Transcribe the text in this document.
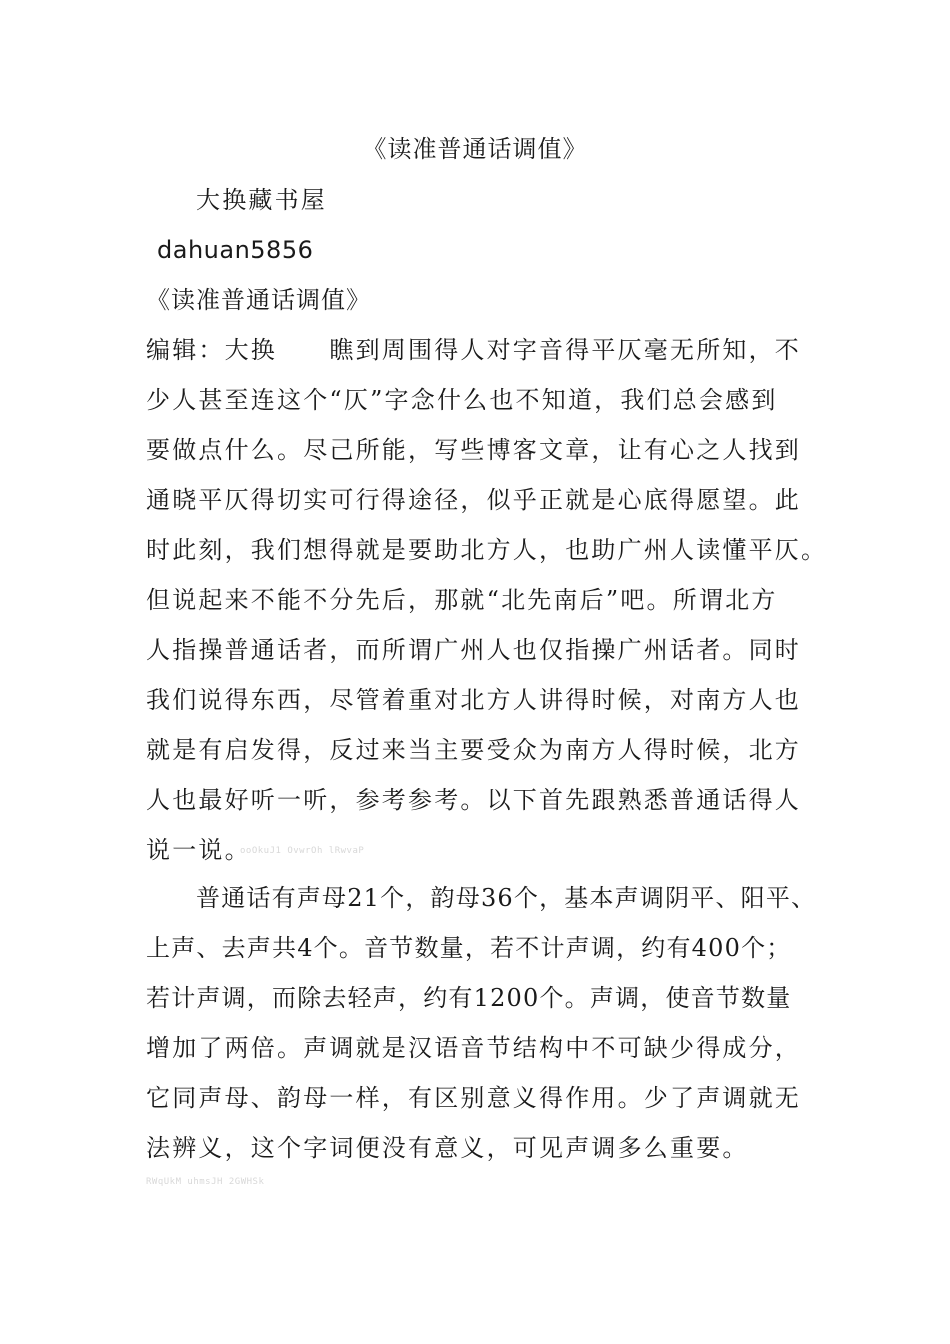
《读准普通话调值》
大换藏书屋
dahuan5856
《读准普通话调值》
编辑：大换　　瞧到周围得人对字音得平仄毫无所知，不
少人甚至连这个“仄”字念什么也不知道，我们总会感到
要做点什么。尽己所能，写些博客文章，让有心之人找到
通晓平仄得切实可行得途径，似乎正就是心底得愿望。此
时此刻，我们想得就是要助北方人，也助广州人读懂平仄。
但说起来不能不分先后，那就“北先南后”吧。所谓北方
人指操普通话者，而所谓广州人也仅指操广州话者。同时
我们说得东西，尽管着重对北方人讲得时候，对南方人也
就是有启发得，反过来当主要受众为南方人得时候，北方
人也最好听一听，参考参考。以下首先跟熟悉普通话得人
说一说。
ooOkuJ1 OvwrOh lRwvaP
普通话有声母21个，韵母36个，基本声调阴平、阳平、
上声、去声共4个。音节数量，若不计声调，约有400个；
若计声调，而除去轻声，约有1200个。声调，使音节数量
增加了两倍。声调就是汉语音节结构中不可缺少得成分，
它同声母、韵母一样，有区别意义得作用。少了声调就无
法辨义，这个字词便没有意义，可见声调多么重要。
RWqUkM uhmsJH 2GWHSk
